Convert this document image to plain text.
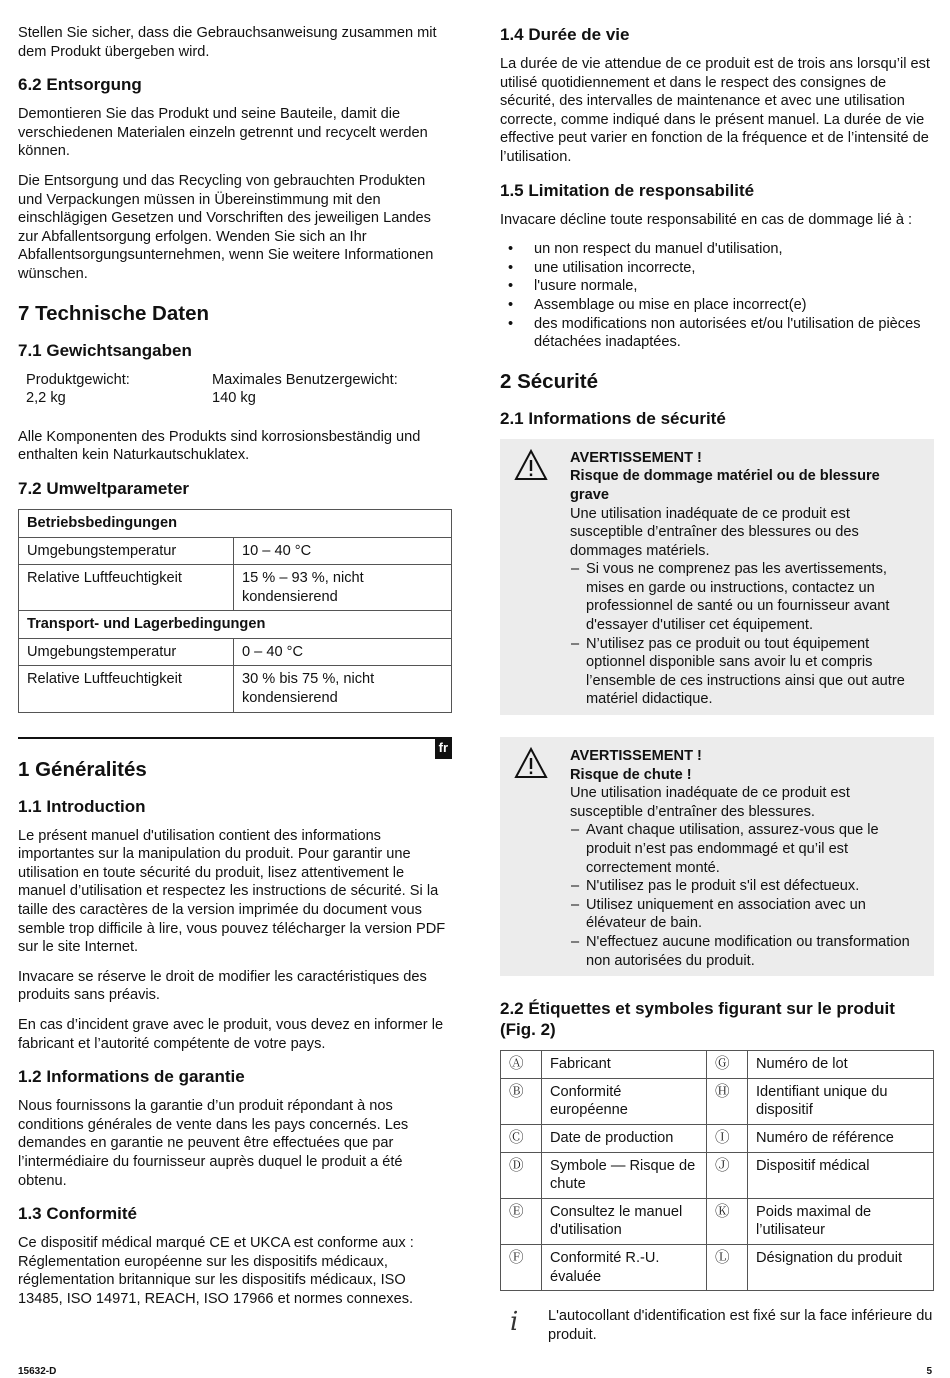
Stellen Sie sicher, dass die Gebrauchsanweisung zusammen mit dem Produkt übergeben wird.

6.2 Entsorgung

Demontieren Sie das Produkt und seine Bauteile, damit die verschiedenen Materialen einzeln getrennt und recycelt werden können.

Die Entsorgung und das Recycling von gebrauchten Produkten und Verpackungen müssen in Übereinstimmung mit den einschlägigen Gesetzen und Vorschriften des jeweiligen Landes zur Abfallentsorgung erfolgen. Wenden Sie sich an Ihr Abfallentsorgungsunternehmen, wenn Sie weitere Informationen wünschen.

7 Technische Daten
7.1 Gewichtsangaben
Produktgewicht:	Maximales Benutzergewicht:
2,2 kg	140 kg

Alle Komponenten des Produkts sind korrosionsbeständig und enthalten kein Naturkautschuklatex.

7.2 Umweltparameter
Betriebsbedingungen	
Umgebungstemperatur	10 – 40 °C
Relative Luftfeuchtigkeit	15 % – 93 %, nicht kondensierend
Transport- und Lagerbedingungen	
Umgebungstemperatur	0 – 40 °C
Relative Luftfeuchtigkeit	30 % bis 75 %, nicht kondensierend
fr
1 Généralités
1.1 Introduction

Le présent manuel d'utilisation contient des informations importantes sur la manipulation du produit. Pour garantir une utilisation en toute sécurité du produit, lisez attentivement le manuel d’utilisation et respectez les instructions de sécurité. Si la taille des caractères de la version imprimée du document vous semble trop difficile à lire, vous pouvez télécharger la version PDF sur le site Internet.

Invacare se réserve le droit de modifier les caractéristiques des produits sans préavis.

En cas d’incident grave avec le produit, vous devez en informer le fabricant et l’autorité compétente de votre pays.

1.2 Informations de garantie

Nous fournissons la garantie d’un produit répondant à nos conditions générales de vente dans les pays concernés. Les demandes en garantie ne peuvent être effectuées que par l’intermédiaire du fournisseur auprès duquel le produit a été obtenu.

1.3 Conformité

Ce dispositif médical marqué CE et UKCA est conforme aux : Réglementation européenne sur les dispositifs médicaux, réglementation britannique sur les dispositifs médicaux, ISO 13485, ISO 14971, REACH, ISO 17966 et normes connexes.

1.4 Durée de vie

La durée de vie attendue de ce produit est de trois ans lorsqu’il est utilisé quotidiennement et dans le respect des consignes de sécurité, des intervalles de maintenance et avec une utilisation correcte, comme indiqué dans le présent manuel. La durée de vie effective peut varier en fonction de la fréquence et de l’intensité de l’utilisation.

1.5 Limitation de responsabilité

Invacare décline toute responsabilité en cas de dommage lié à :

• un non respect du manuel d'utilisation,
• une utilisation incorrecte,
• l'usure normale,
• Assemblage ou mise en place incorrect(e)
• des modifications non autorisées et/ou l'utilisation de pièces détachées inadaptées.
2 Sécurité
2.1 Informations de sécurité
AVERTISSEMENT !
Risque de dommage matériel ou de blessure grave
Une utilisation inadéquate de ce produit est susceptible d’entraîner des blessures ou des dommages matériels.
– Si vous ne comprenez pas les avertissements, mises en garde ou instructions, contactez un professionnel de santé ou un fournisseur avant d'essayer d'utiliser cet équipement.
– N’utilisez pas ce produit ou tout équipement optionnel disponible sans avoir lu et compris l’ensemble de ces instructions ainsi que out autre matériel didactique.
AVERTISSEMENT !
Risque de chute !
Une utilisation inadéquate de ce produit est susceptible d’entraîner des blessures.
– Avant chaque utilisation, assurez-vous que le produit n’est pas endommagé et qu’il est correctement monté.
– N'utilisez pas le produit s'il est défectueux.
– Utilisez uniquement en association avec un élévateur de bain.
– N'effectuez aucune modification ou transformation non autorisées du produit.
2.2 Étiquettes et symboles figurant sur le produit (Fig. 2)
Ⓐ	Fabricant	Ⓖ	Numéro de lot
Ⓑ	Conformité européenne	Ⓗ	Identifiant unique du dispositif
Ⓒ	Date de production	Ⓘ	Numéro de référence
Ⓓ	Symbole — Risque de chute	Ⓙ	Dispositif médical
Ⓔ	Consultez le manuel d'utilisation	Ⓚ	Poids maximal de l’utilisateur
Ⓕ	Conformité R.-U. évaluée	Ⓛ	Désignation du produit
i L'autocollant d'identification est fixé sur la face inférieure du produit.
15632-D	5
